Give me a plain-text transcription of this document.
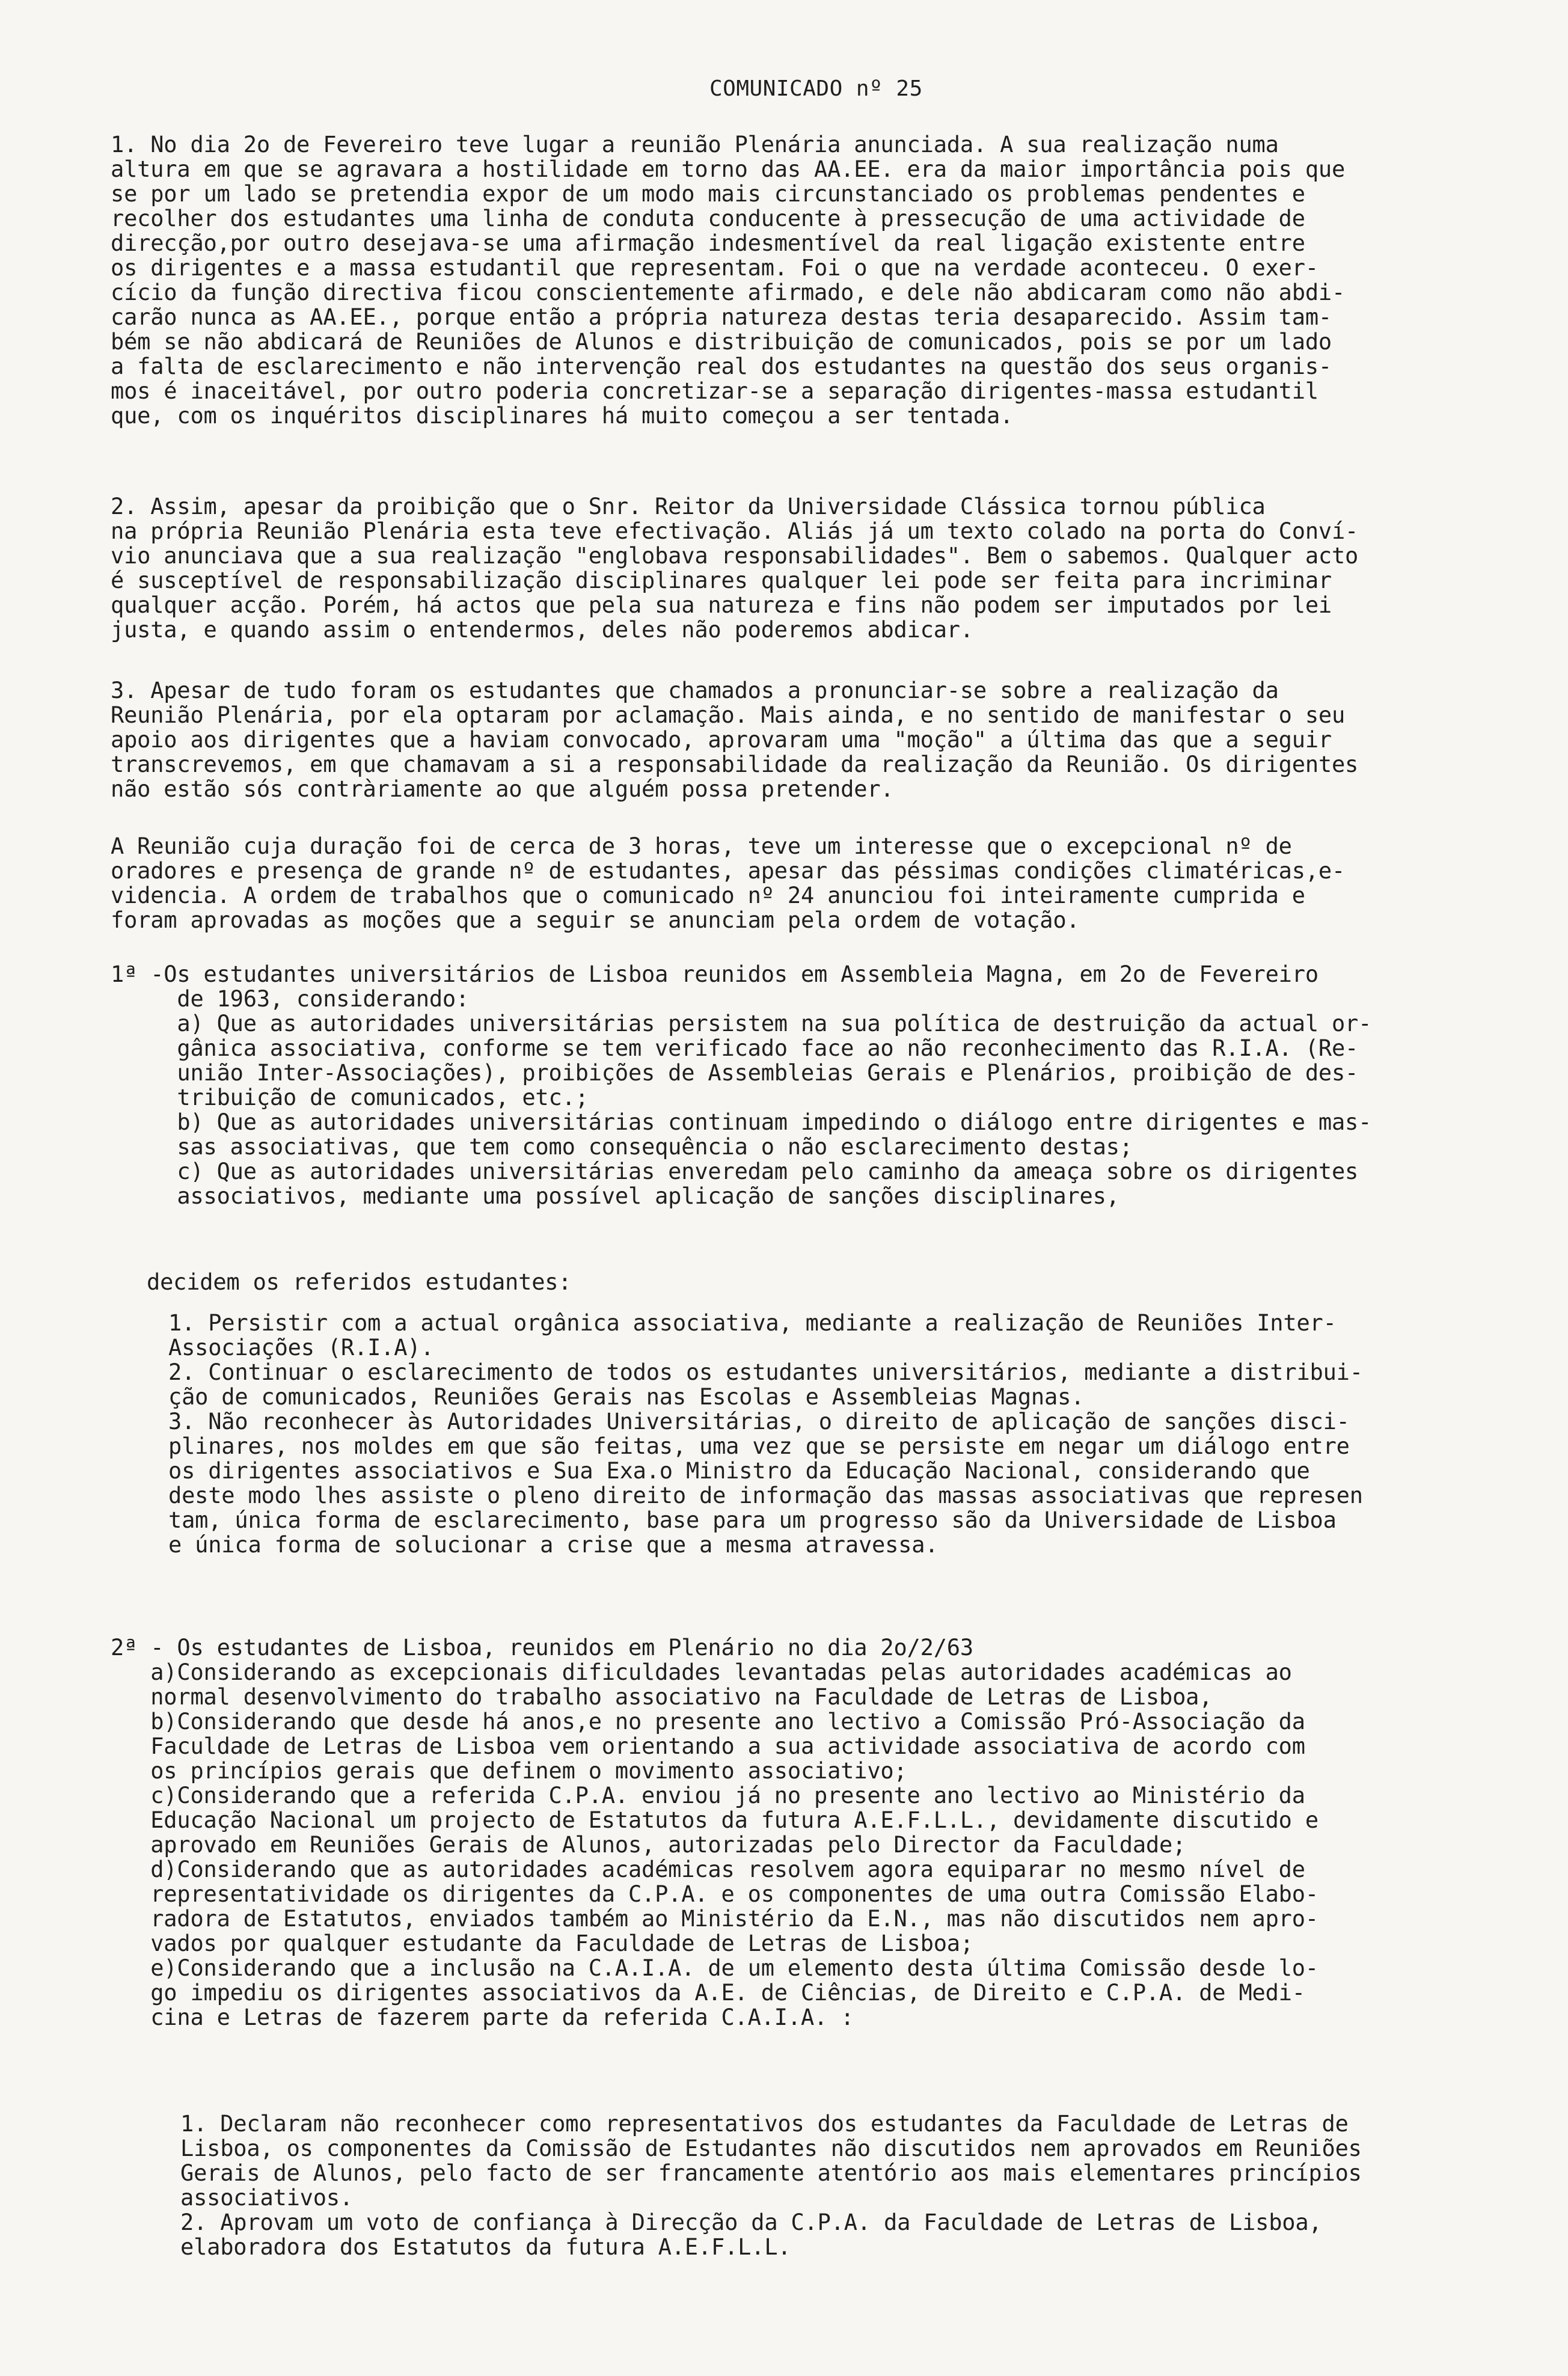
COMUNICADO nº 25
1. No dia 2o de Fevereiro teve lugar a reunião Plenária anunciada. A sua realização numa
altura em que se agravara a hostilidade em torno das AA.EE. era da maior importância pois que
se por um lado se pretendia expor de um modo mais circunstanciado os problemas pendentes e
recolher dos estudantes uma linha de conduta conducente à pressecução de uma actividade de
direcção,por outro desejava-se uma afirmação indesmentível da real ligação existente entre
os dirigentes e a massa estudantil que representam. Foi o que na verdade aconteceu. O exer-
cício da função directiva ficou conscientemente afirmado, e dele não abdicaram como não abdi-
carão nunca as AA.EE., porque então a própria natureza destas teria desaparecido. Assim tam-
bém se não abdicará de Reuniões de Alunos e distribuição de comunicados, pois se por um lado
a falta de esclarecimento e não intervenção real dos estudantes na questão dos seus organis-
mos é inaceitável, por outro poderia concretizar-se a separação dirigentes-massa estudantil
que, com os inquéritos disciplinares há muito começou a ser tentada.
2. Assim, apesar da proibição que o Snr. Reitor da Universidade Clássica tornou pública
na própria Reunião Plenária esta teve efectivação. Aliás já um texto colado na porta do Conví-
vio anunciava que a sua realização "englobava responsabilidades". Bem o sabemos. Qualquer acto
é susceptível de responsabilização disciplinares qualquer lei pode ser feita para incriminar
qualquer acção. Porém, há actos que pela sua natureza e fins não podem ser imputados por lei
justa, e quando assim o entendermos, deles não poderemos abdicar.
3. Apesar de tudo foram os estudantes que chamados a pronunciar-se sobre a realização da
Reunião Plenária, por ela optaram por aclamação. Mais ainda, e no sentido de manifestar o seu
apoio aos dirigentes que a haviam convocado, aprovaram uma "moção" a última das que a seguir
transcrevemos, em que chamavam a si a responsabilidade da realização da Reunião. Os dirigentes
não estão sós contràriamente ao que alguém possa pretender.
A Reunião cuja duração foi de cerca de 3 horas, teve um interesse que o excepcional nº de
oradores e presença de grande nº de estudantes, apesar das péssimas condições climatéricas,e-
videncia. A ordem de trabalhos que o comunicado nº 24 anunciou foi inteiramente cumprida e
foram aprovadas as moções que a seguir se anunciam pela ordem de votação.
1ª -Os estudantes universitários de Lisboa reunidos em Assembleia Magna, em 2o de Fevereiro
de 1963, considerando:
a) Que as autoridades universitárias persistem na sua política de destruição da actual or-
gânica associativa, conforme se tem verificado face ao não reconhecimento das R.I.A. (Re-
união Inter-Associações), proibições de Assembleias Gerais e Plenários, proibição de des-
tribuição de comunicados, etc.;
b) Que as autoridades universitárias continuam impedindo o diálogo entre dirigentes e mas-
sas associativas, que tem como consequência o não esclarecimento destas;
c) Que as autoridades universitárias enveredam pelo caminho da ameaça sobre os dirigentes
associativos, mediante uma possível aplicação de sanções disciplinares,
decidem os referidos estudantes:
1. Persistir com a actual orgânica associativa, mediante a realização de Reuniões Inter-
Associações (R.I.A).
2. Continuar o esclarecimento de todos os estudantes universitários, mediante a distribui-
ção de comunicados, Reuniões Gerais nas Escolas e Assembleias Magnas.
3. Não reconhecer às Autoridades Universitárias, o direito de aplicação de sanções disci-
plinares, nos moldes em que são feitas, uma vez que se persiste em negar um diálogo entre
os dirigentes associativos e Sua Exa.o Ministro da Educação Nacional, considerando que
deste modo lhes assiste o pleno direito de informação das massas associativas que represen
tam, única forma de esclarecimento, base para um progresso são da Universidade de Lisboa
e única forma de solucionar a crise que a mesma atravessa.
2ª - Os estudantes de Lisboa, reunidos em Plenário no dia 2o/2/63
a)Considerando as excepcionais dificuldades levantadas pelas autoridades académicas ao
normal desenvolvimento do trabalho associativo na Faculdade de Letras de Lisboa,
b)Considerando que desde há anos,e no presente ano lectivo a Comissão Pró-Associação da
Faculdade de Letras de Lisboa vem orientando a sua actividade associativa de acordo com
os princípios gerais que definem o movimento associativo;
c)Considerando que a referida C.P.A. enviou já no presente ano lectivo ao Ministério da
Educação Nacional um projecto de Estatutos da futura A.E.F.L.L., devidamente discutido e
aprovado em Reuniões Gerais de Alunos, autorizadas pelo Director da Faculdade;
d)Considerando que as autoridades académicas resolvem agora equiparar no mesmo nível de
representatividade os dirigentes da C.P.A. e os componentes de uma outra Comissão Elabo-
radora de Estatutos, enviados também ao Ministério da E.N., mas não discutidos nem apro-
vados por qualquer estudante da Faculdade de Letras de Lisboa;
e)Considerando que a inclusão na C.A.I.A. de um elemento desta última Comissão desde lo-
go impediu os dirigentes associativos da A.E. de Ciências, de Direito e C.P.A. de Medi-
cina e Letras de fazerem parte da referida C.A.I.A. :
1. Declaram não reconhecer como representativos dos estudantes da Faculdade de Letras de
Lisboa, os componentes da Comissão de Estudantes não discutidos nem aprovados em Reuniões
Gerais de Alunos, pelo facto de ser francamente atentório aos mais elementares princípios
associativos.
2. Aprovam um voto de confiança à Direcção da C.P.A. da Faculdade de Letras de Lisboa,
elaboradora dos Estatutos da futura A.E.F.L.L.
